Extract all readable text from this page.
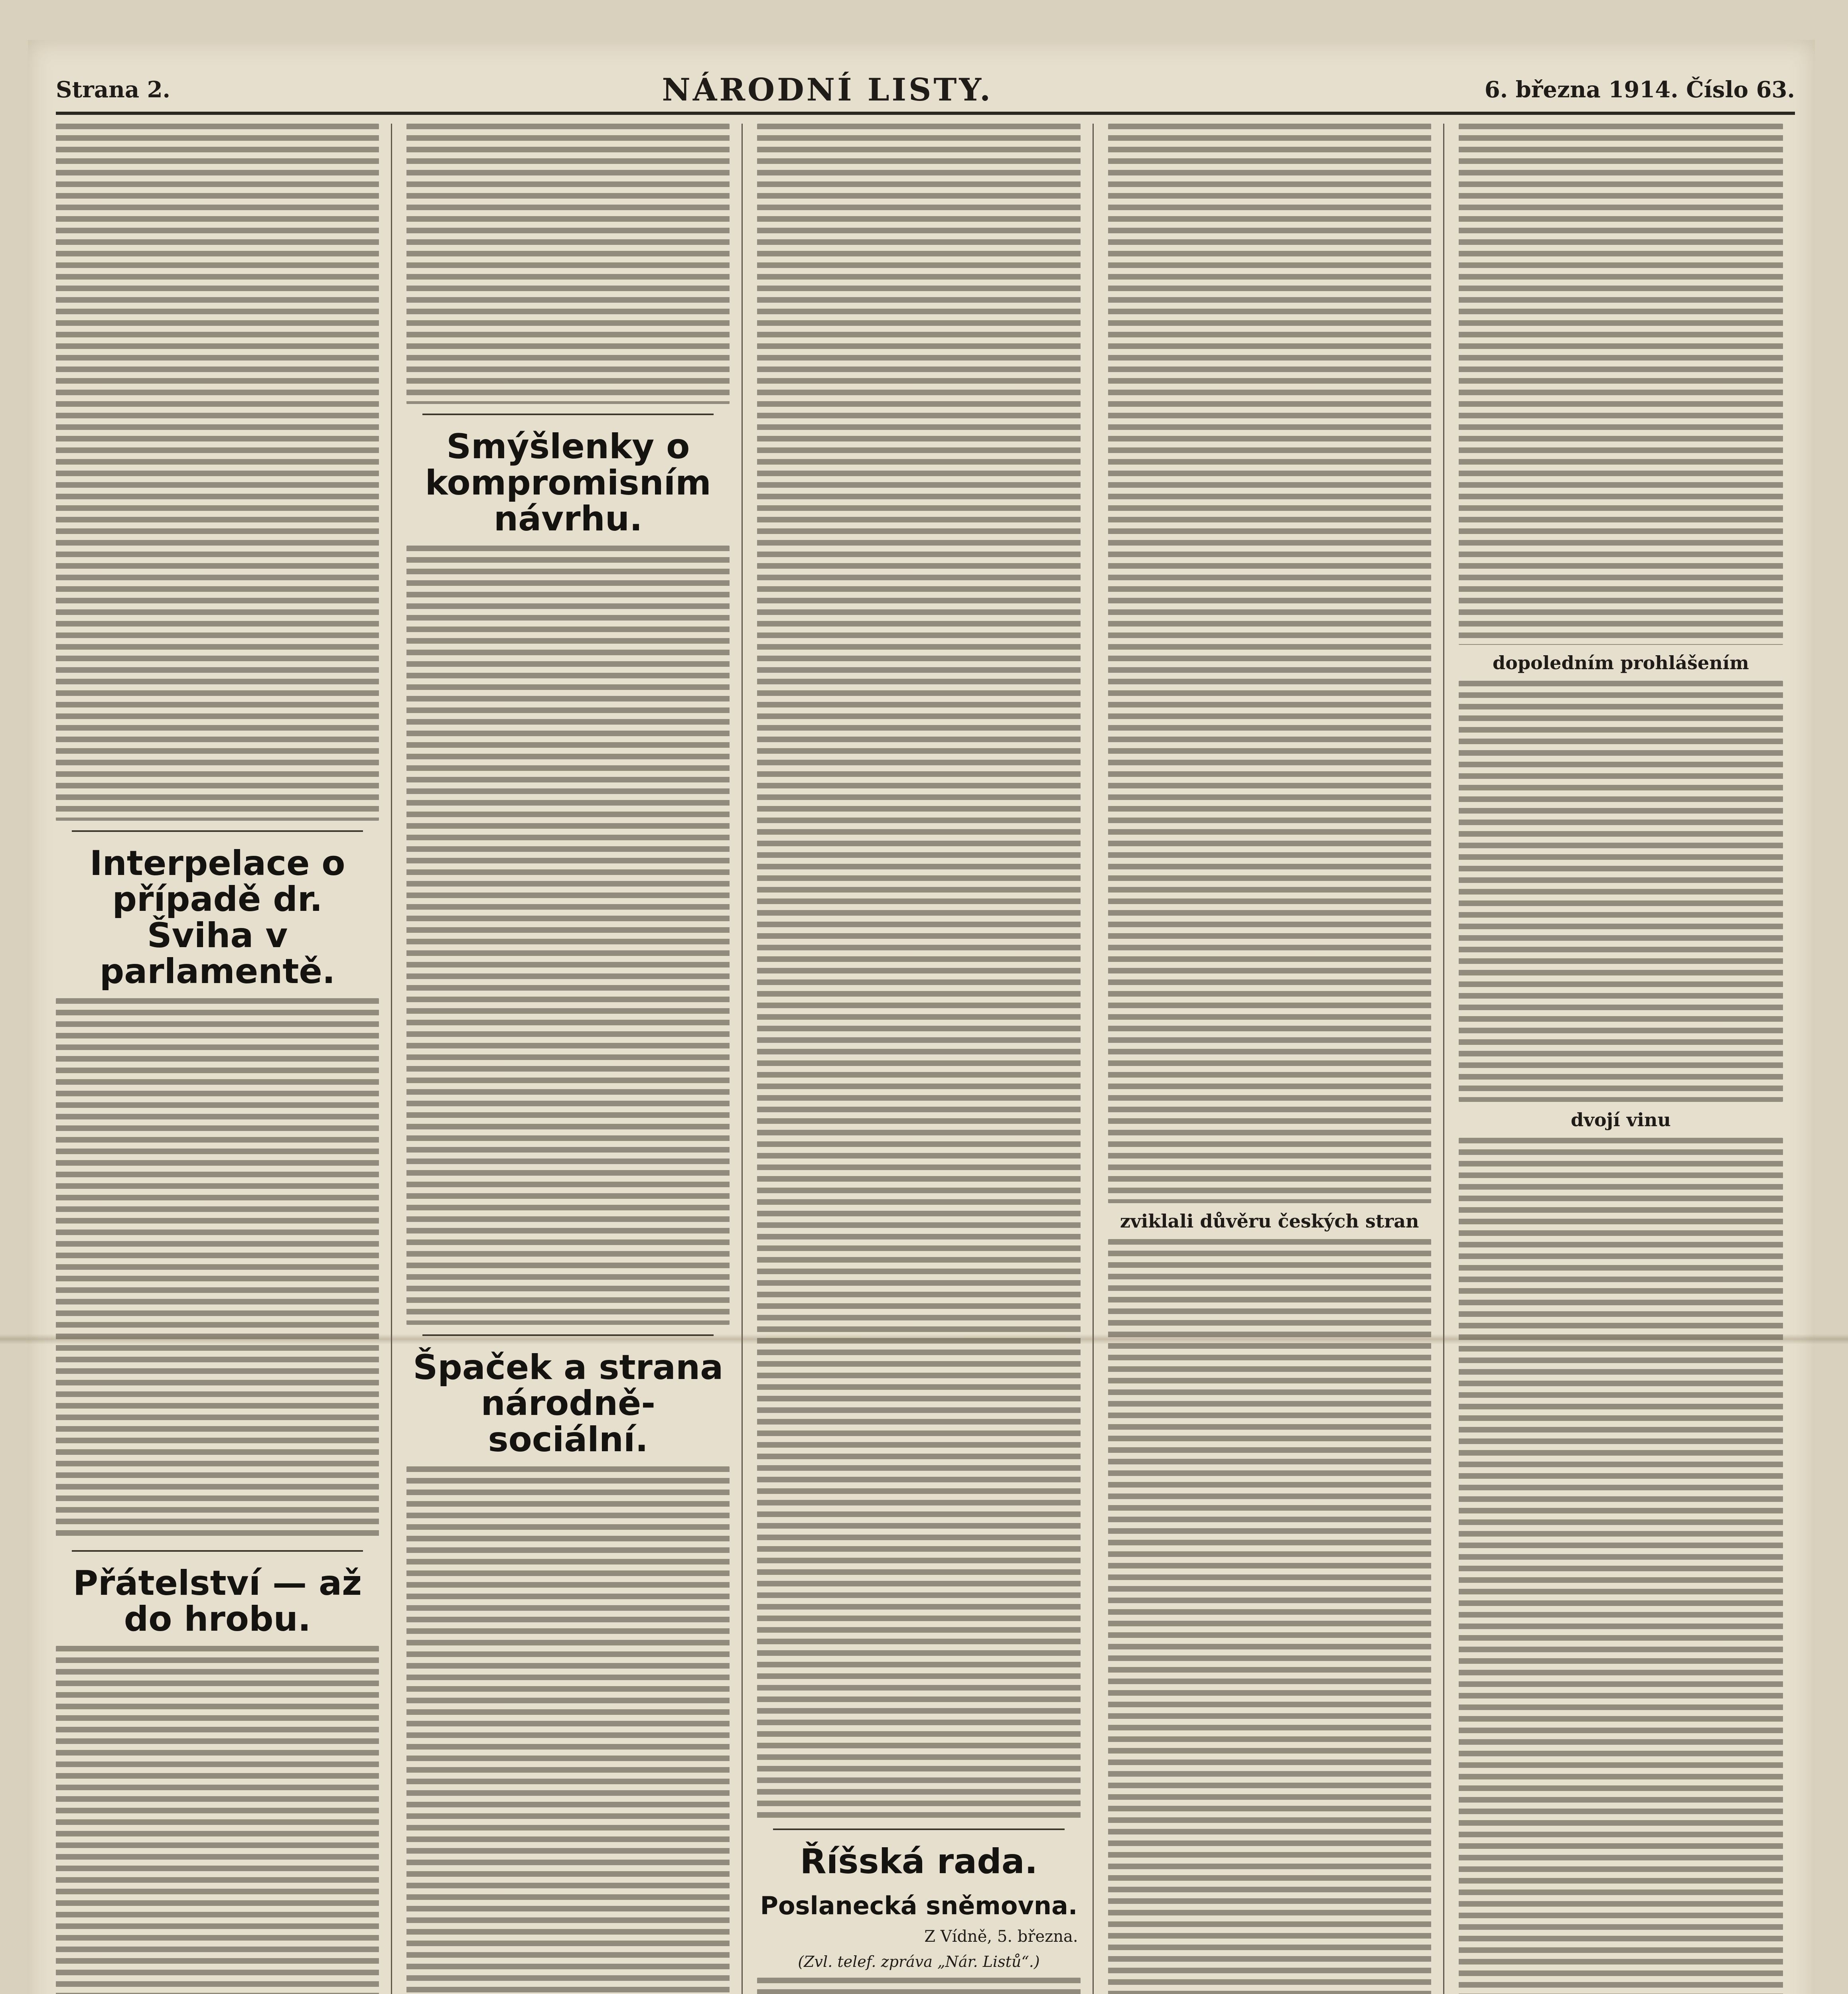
Strana 2.	NÁRODNÍ LISTY.	6. března 1914. Číslo 63.
Interpelace o případě dr. Šviha v parlamentě.
Přátelství — až do hrobu.
Smýšlenky o kompromisním návrhu.
Špaček a strana národně-sociální.
Říšská rada.
Poslanecká sněmovna.

Z Vídně, 5. března.

(Zvl. telef. zpráva „Nár. Listů“.)

zviklali důvěru českých stran

dopoledním prohlášením

dvojí vinu
